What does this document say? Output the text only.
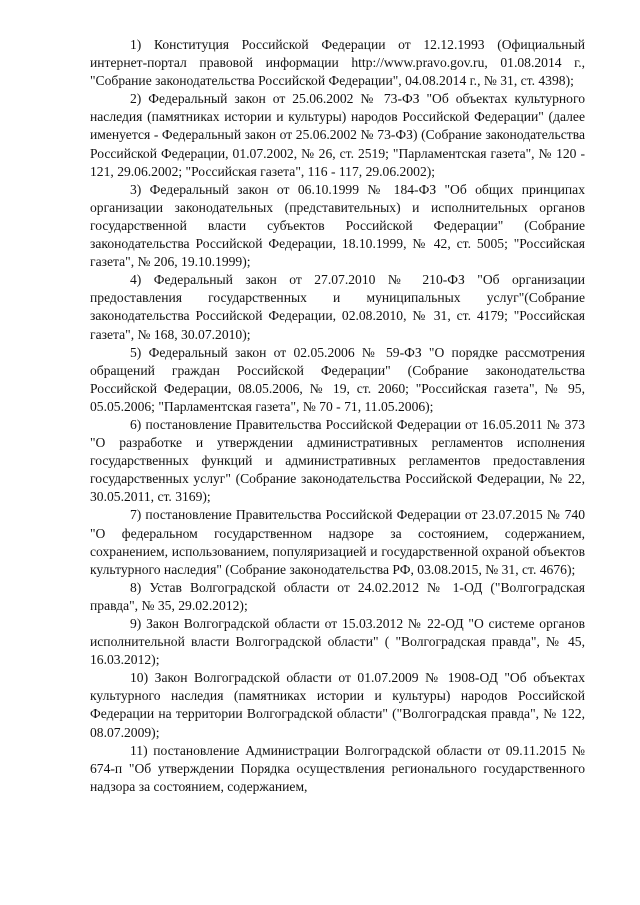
1) Конституция Российской Федерации от 12.12.1993 (Официальный интернет-портал правовой информации http://www.pravo.gov.ru, 01.08.2014 г., "Собрание законодательства Российской Федерации", 04.08.2014 г., № 31, ст. 4398);

2) Федеральный закон от 25.06.2002 № 73-ФЗ "Об объектах культурного наследия (памятниках истории и культуры) народов Российской Федерации" (далее именуется - Федеральный закон от 25.06.2002 № 73-ФЗ) (Собрание законодательства Российской Федерации, 01.07.2002, № 26, ст. 2519; "Парламентская газета", № 120 - 121, 29.06.2002; "Российская газета", 116 - 117, 29.06.2002);

3) Федеральный закон от 06.10.1999 № 184-ФЗ "Об общих принципах организации законодательных (представительных) и исполнительных органов государственной власти субъектов Российской Федерации" (Собрание законодательства Российской Федерации, 18.10.1999, № 42, ст. 5005; "Российская газета", № 206, 19.10.1999);

4) Федеральный закон от 27.07.2010 № 210-ФЗ "Об организации предоставления государственных и муниципальных услуг"(Собрание законодательства Российской Федерации, 02.08.2010, № 31, ст. 4179; "Российская газета", № 168, 30.07.2010);

5) Федеральный закон от 02.05.2006 № 59-ФЗ "О порядке рассмотрения обращений граждан Российской Федерации" (Собрание законодательства Российской Федерации, 08.05.2006, № 19, ст. 2060; "Российская газета", № 95, 05.05.2006; "Парламентская газета", № 70 - 71, 11.05.2006);

6) постановление Правительства Российской Федерации от 16.05.2011 № 373 "О разработке и утверждении административных регламентов исполнения государственных функций и административных регламентов предоставления государственных услуг" (Собрание законодательства Российской Федерации, № 22, 30.05.2011, ст. 3169);

7) постановление Правительства Российской Федерации от 23.07.2015 № 740 "О федеральном государственном надзоре за состоянием, содержанием, сохранением, использованием, популяризацией и государственной охраной объектов культурного наследия" (Собрание законодательства РФ, 03.08.2015, № 31, ст. 4676);

8) Устав Волгоградской области от 24.02.2012 № 1-ОД ("Волгоградская правда", № 35, 29.02.2012);

9) Закон Волгоградской области от 15.03.2012 № 22-ОД "О системе органов исполнительной власти Волгоградской области" ( "Волгоградская правда", № 45, 16.03.2012);

10) Закон Волгоградской области от 01.07.2009 № 1908-ОД "Об объектах культурного наследия (памятниках истории и культуры) народов Российской Федерации на территории Волгоградской области" ("Волгоградская правда", № 122, 08.07.2009);

11) постановление Администрации Волгоградской области от 09.11.2015 № 674-п "Об утверждении Порядка осуществления регионального государственного надзора за состоянием, содержанием,
